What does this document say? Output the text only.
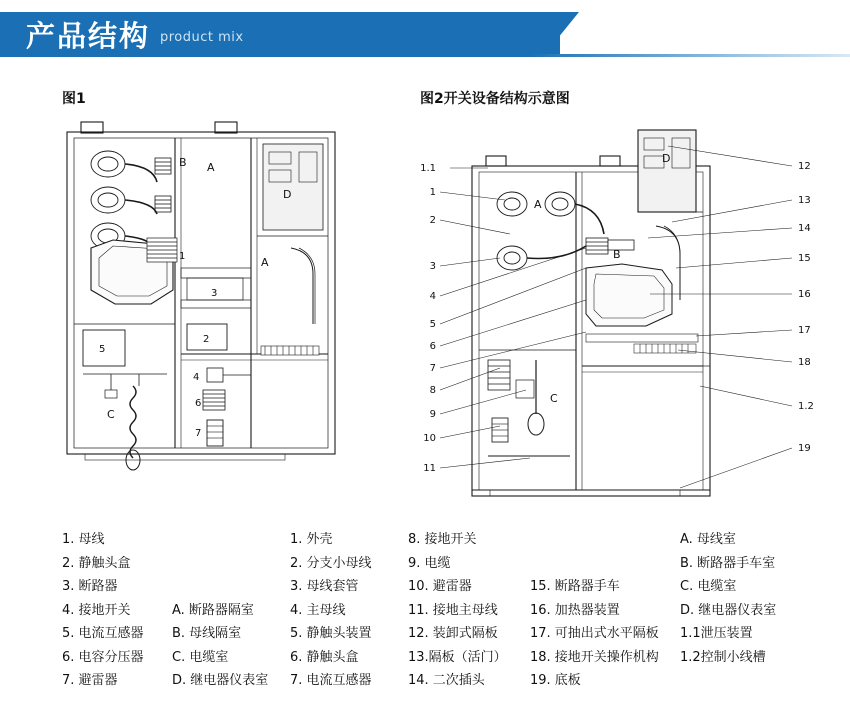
产品结构 product mix
图1	图2开关设备结构示意图
1
2
3
4
5
6
7
A
B
C
D
A
1.1
1
2
3
4
5
6
7
8
9
10
11
12
13
14
15
16
17
18
1.2
19
A
B
C
D
1. 母线
2. 静触头盒
3. 断路器
4. 接地开关
5. 电流互感器
6. 电容分压器
7. 避雷器
A. 断路器隔室
B. 母线隔室
C. 电缆室
D. 继电器仪表室
1. 外壳
2. 分支小母线
3. 母线套管
4. 主母线
5. 静触头装置
6. 静触头盒
7. 电流互感器
8. 接地开关
9. 电缆
10. 避雷器
11. 接地主母线
12. 装卸式隔板
13.隔板（活门）
14. 二次插头
15. 断路器手车
16. 加热器装置
17. 可抽出式水平隔板
18. 接地开关操作机构
19. 底板
A. 母线室
B. 断路器手车室
C. 电缆室
D. 继电器仪表室
1.1泄压装置
1.2控制小线槽
